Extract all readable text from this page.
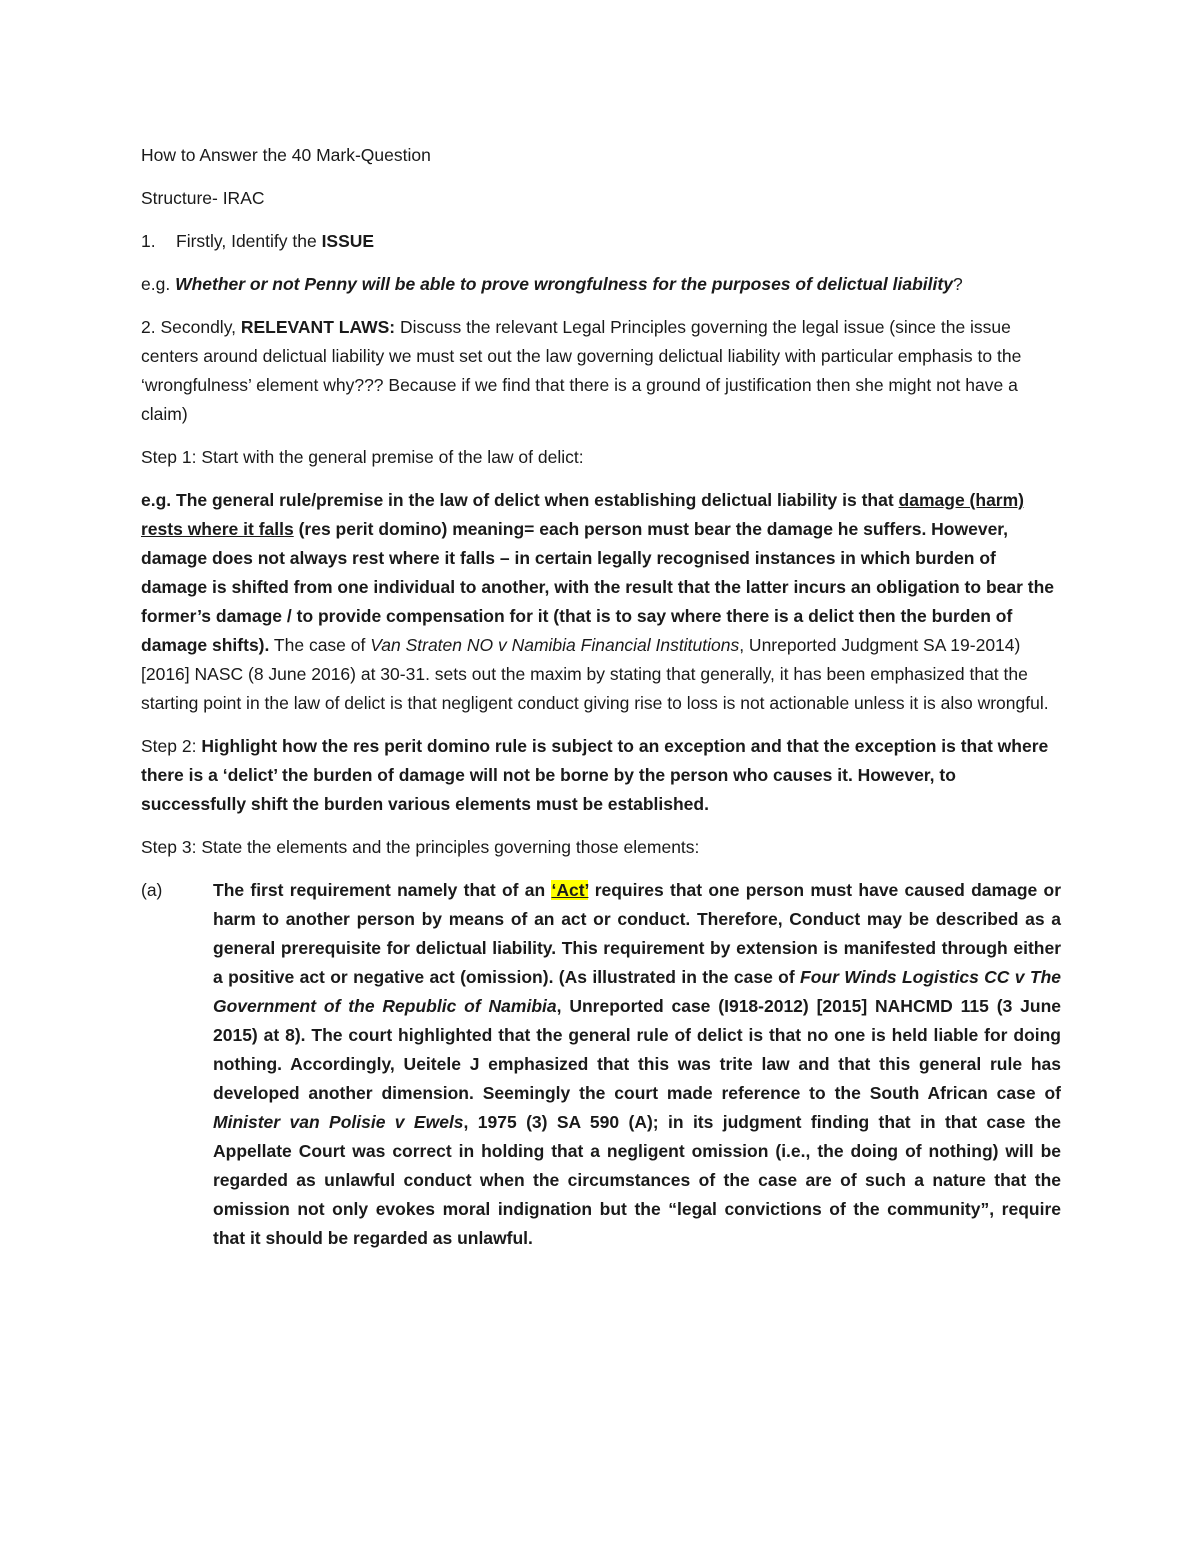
How to Answer the 40 Mark-Question

Structure- IRAC

1. Firstly, Identify the ISSUE

e.g. Whether or not Penny will be able to prove wrongfulness for the purposes of delictual liability?

2. Secondly, RELEVANT LAWS: Discuss the relevant Legal Principles governing the legal issue (since the issue centers around delictual liability we must set out the law governing delictual liability with particular emphasis to the ‘wrongfulness’ element why??? Because if we find that there is a ground of justification then she might not have a claim)

Step 1: Start with the general premise of the law of delict:

e.g. The general rule/premise in the law of delict when establishing delictual liability is that damage (harm) rests where it falls (res perit domino) meaning= each person must bear the damage he suffers. However, damage does not always rest where it falls – in certain legally recognised instances in which burden of damage is shifted from one individual to another, with the result that the latter incurs an obligation to bear the former’s damage / to provide compensation for it (that is to say where there is a delict then the burden of damage shifts). The case of Van Straten NO v Namibia Financial Institutions, Unreported Judgment SA 19-2014) [2016] NASC (8 June 2016) at 30-31. sets out the maxim by stating that generally, it has been emphasized that the starting point in the law of delict is that negligent conduct giving rise to loss is not actionable unless it is also wrongful.

Step 2: Highlight how the res perit domino rule is subject to an exception and that the exception is that where there is a ‘delict’ the burden of damage will not be borne by the person who causes it. However, to successfully shift the burden various elements must be established.

Step 3: State the elements and the principles governing those elements:

(a)	The first requirement namely that of an ‘Act’ requires that one person must have caused damage or harm to another person by means of an act or conduct. Therefore, Conduct may be described as a general prerequisite for delictual liability. This requirement by extension is manifested through either a positive act or negative act (omission). (As illustrated in the case of Four Winds Logistics CC v The Government of the Republic of Namibia, Unreported case (I918-2012) [2015] NAHCMD 115 (3 June 2015) at 8). The court highlighted that the general rule of delict is that no one is held liable for doing nothing. Accordingly, Ueitele J emphasized that this was trite law and that this general rule has developed another dimension. Seemingly the court made reference to the South African case of Minister van Polisie v Ewels, 1975 (3) SA 590 (A); in its judgment finding that in that case the Appellate Court was correct in holding that a negligent omission (i.e., the doing of nothing) will be regarded as unlawful conduct when the circumstances of the case are of such a nature that the omission not only evokes moral indignation but the “legal convictions of the community”, require that it should be regarded as unlawful.
